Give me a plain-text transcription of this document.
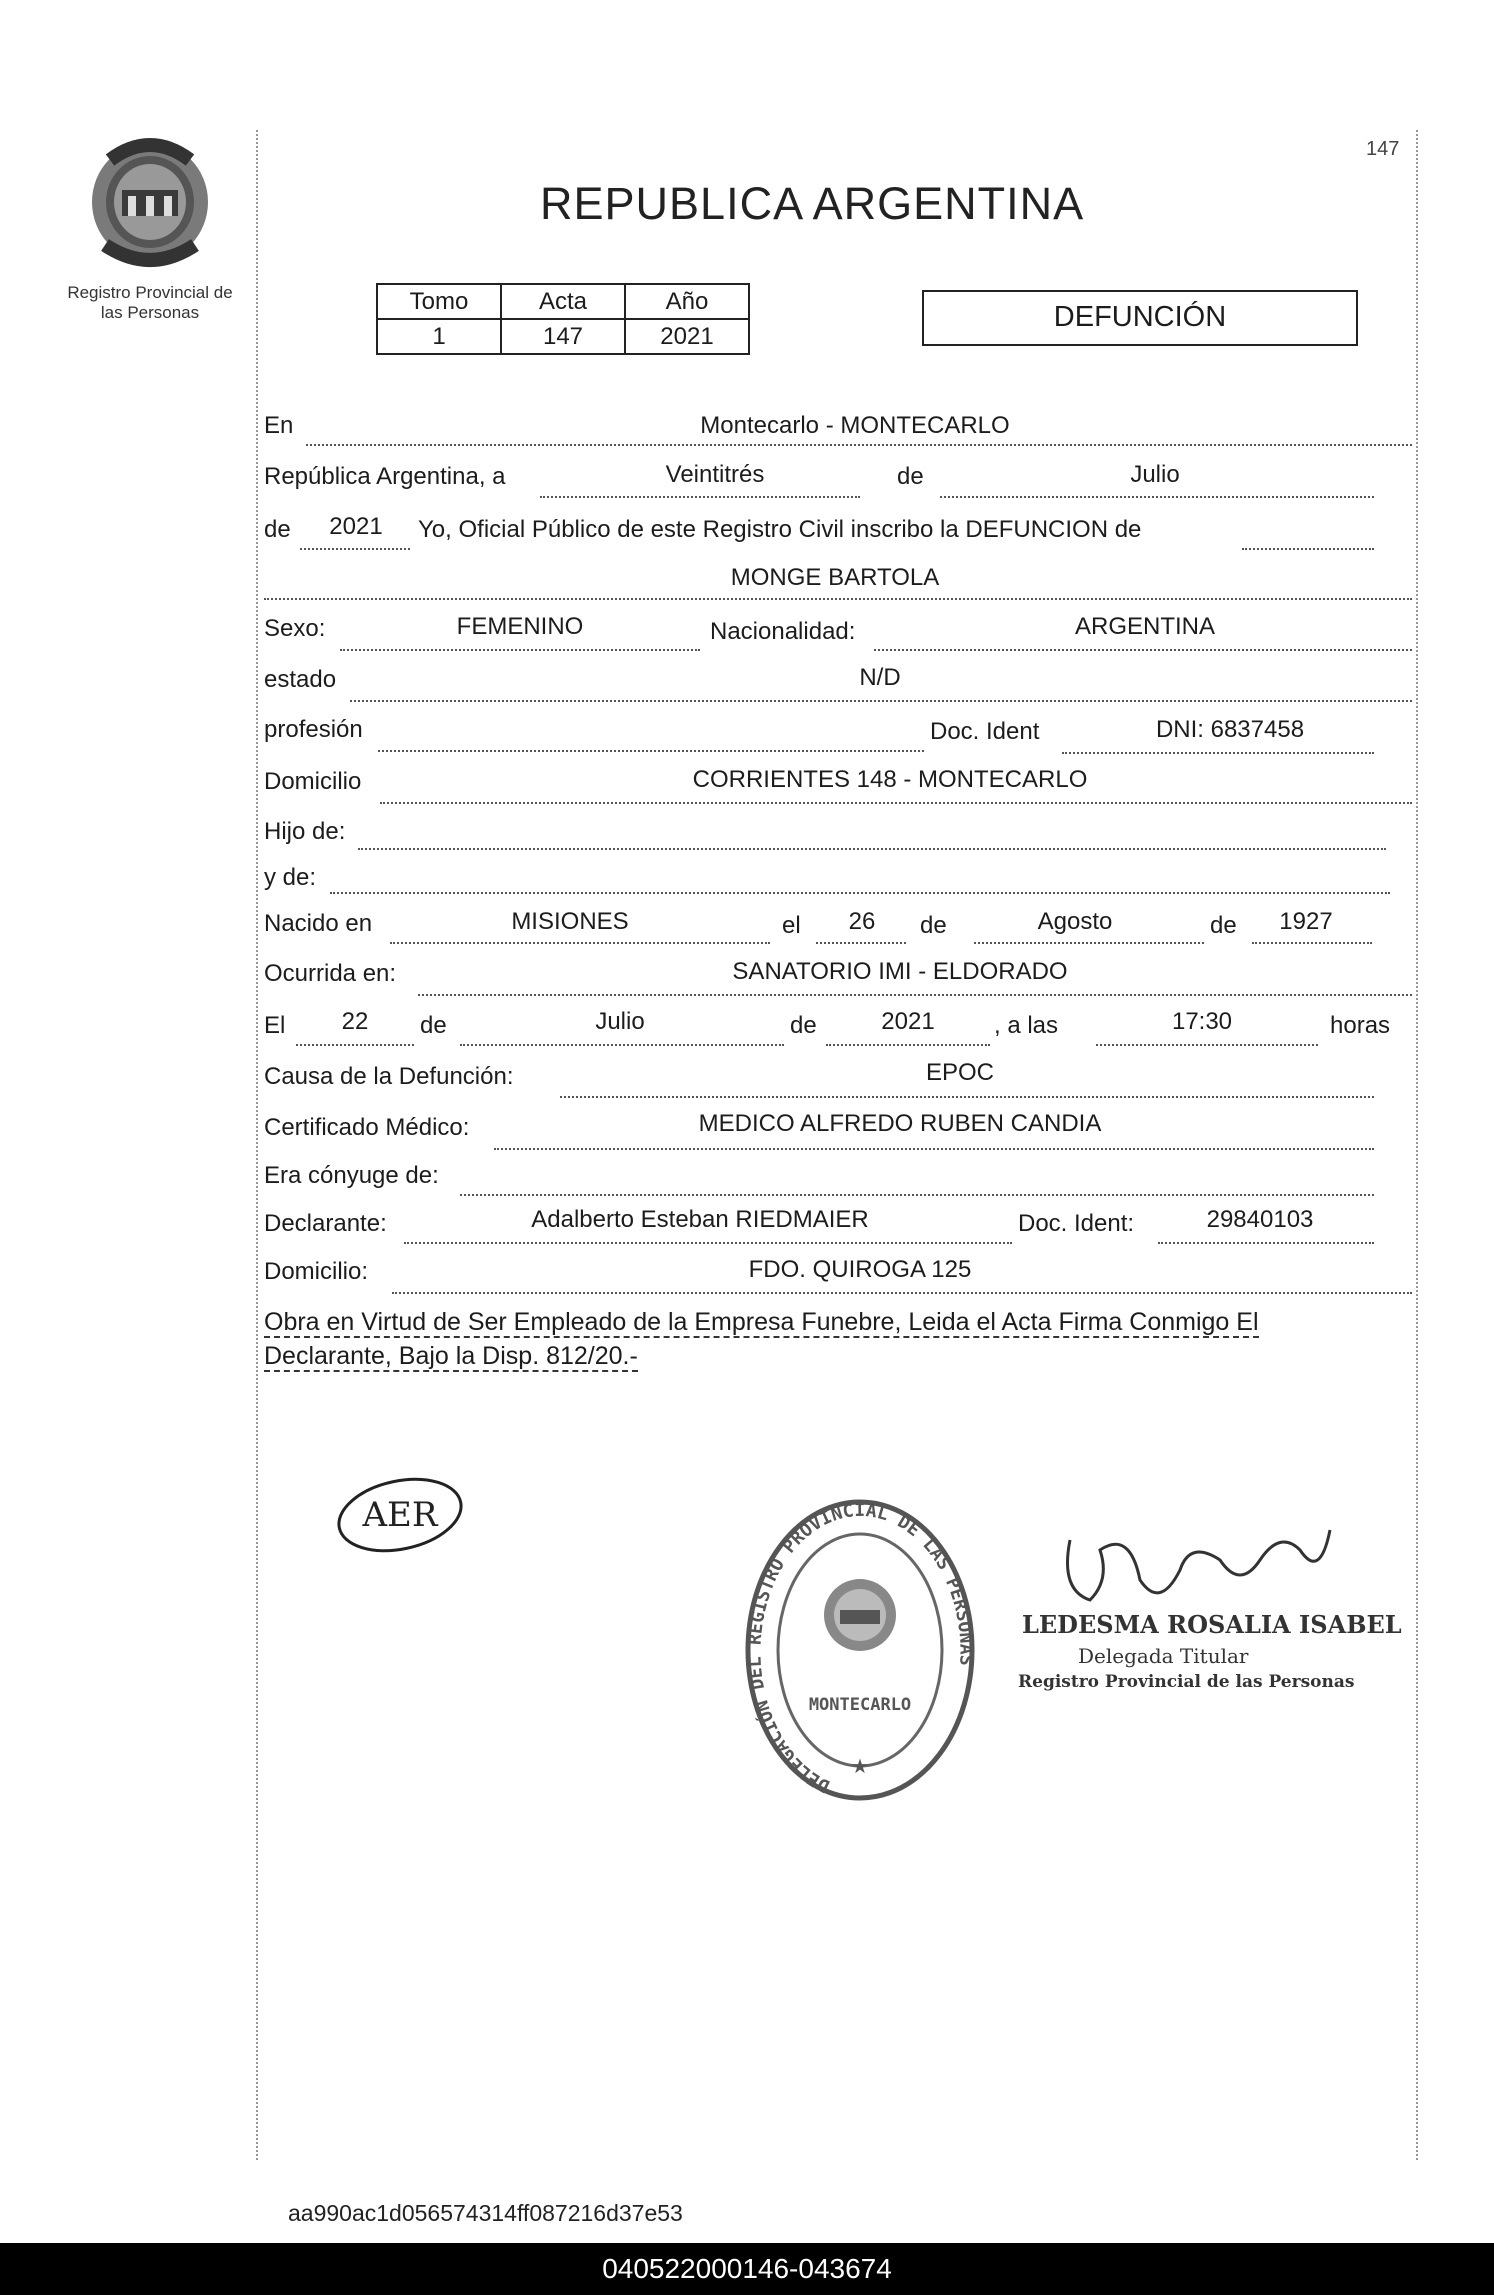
Registro Provincial de
las Personas
147
REPUBLICA ARGENTINA
Tomo	Acta	Año
1	147	2021
DEFUNCIÓN
En	Montecarlo - MONTECARLO
República Argentina, a	Veintitrés	de	Julio
de	2021	Yo, Oficial Público de este Registro Civil inscribo la DEFUNCION de
MONGE BARTOLA
Sexo:	FEMENINO	Nacionalidad:	ARGENTINA
estado	N/D
profesión	Doc. Ident	DNI: 6837458
Domicilio	CORRIENTES 148 - MONTECARLO
Hijo de:
y de:
Nacido en	MISIONES	el	26	de	Agosto	de	1927
Ocurrida en:	SANATORIO IMI - ELDORADO
El	22	de	Julio	de	2021	, a las	17:30	horas
Causa de la Defunción:	EPOC
Certificado Médico:	MEDICO ALFREDO RUBEN CANDIA
Era cónyuge de:
Declarante:	Adalberto Esteban RIEDMAIER	Doc. Ident:	29840103
Domicilio:	FDO. QUIROGA 125
Obra en Virtud de Ser Empleado de la Empresa Funebre, Leida el Acta Firma Conmigo El
Declarante, Bajo la Disp. 812/20.-
AER
DELEGACIÓN DEL REGISTRO PROVINCIAL DE LAS PERSONAS
MONTECARLO
★
LEDESMA ROSALIA ISABEL
Delegada Titular
Registro Provincial de las Personas
aa990ac1d056574314ff087216d37e53
040522000146-043674
